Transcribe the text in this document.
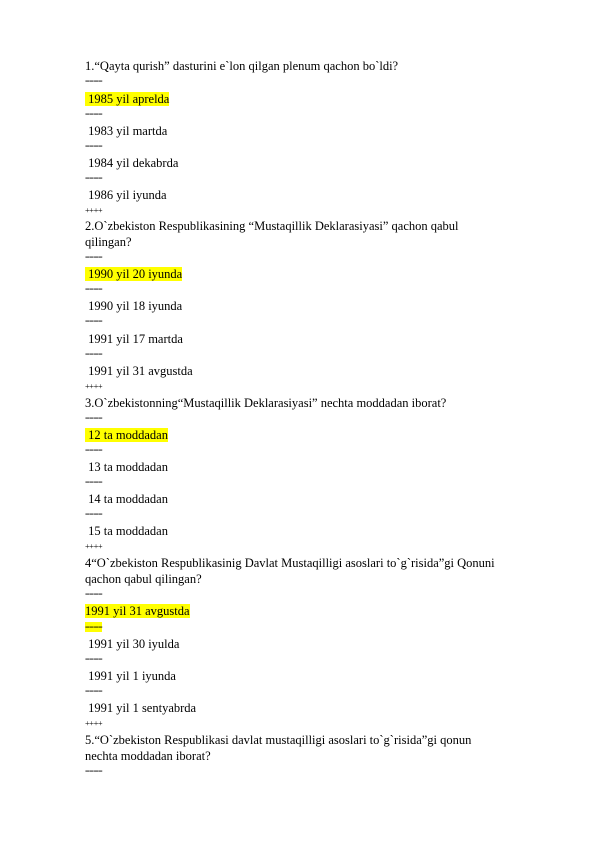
1.“Qayta qurish” dasturini e`lon qilgan plenum qachon bo`ldi?

====

1985 yil aprelda

====

1983 yil martda

====

1984 yil dekabrda

====

1986 yil iyunda

++++

2.O`zbekiston Respublikasining “Mustaqillik Deklarasiyasi” qachon qabul

qilingan?

====

1990 yil 20 iyunda

====

1990 yil 18 iyunda

====

1991 yil 17 martda

====

1991 yil 31 avgustda

++++

3.O`zbekistonning“Mustaqillik Deklarasiyasi” nechta moddadan iborat?

====

12 ta moddadan

====

13 ta moddadan

====

14 ta moddadan

====

15 ta moddadan

++++

4“O`zbekiston Respublikasinig Davlat Mustaqilligi asoslari to`g`risida”gi Qonuni

qachon qabul qilingan?

====

1991 yil 31 avgustda

====

1991 yil 30 iyulda

====

1991 yil 1 iyunda

====

1991 yil 1 sentyabrda

++++

5.“O`zbekiston Respublikasi davlat mustaqilligi asoslari to`g`risida”gi qonun

nechta moddadan iborat?

====
